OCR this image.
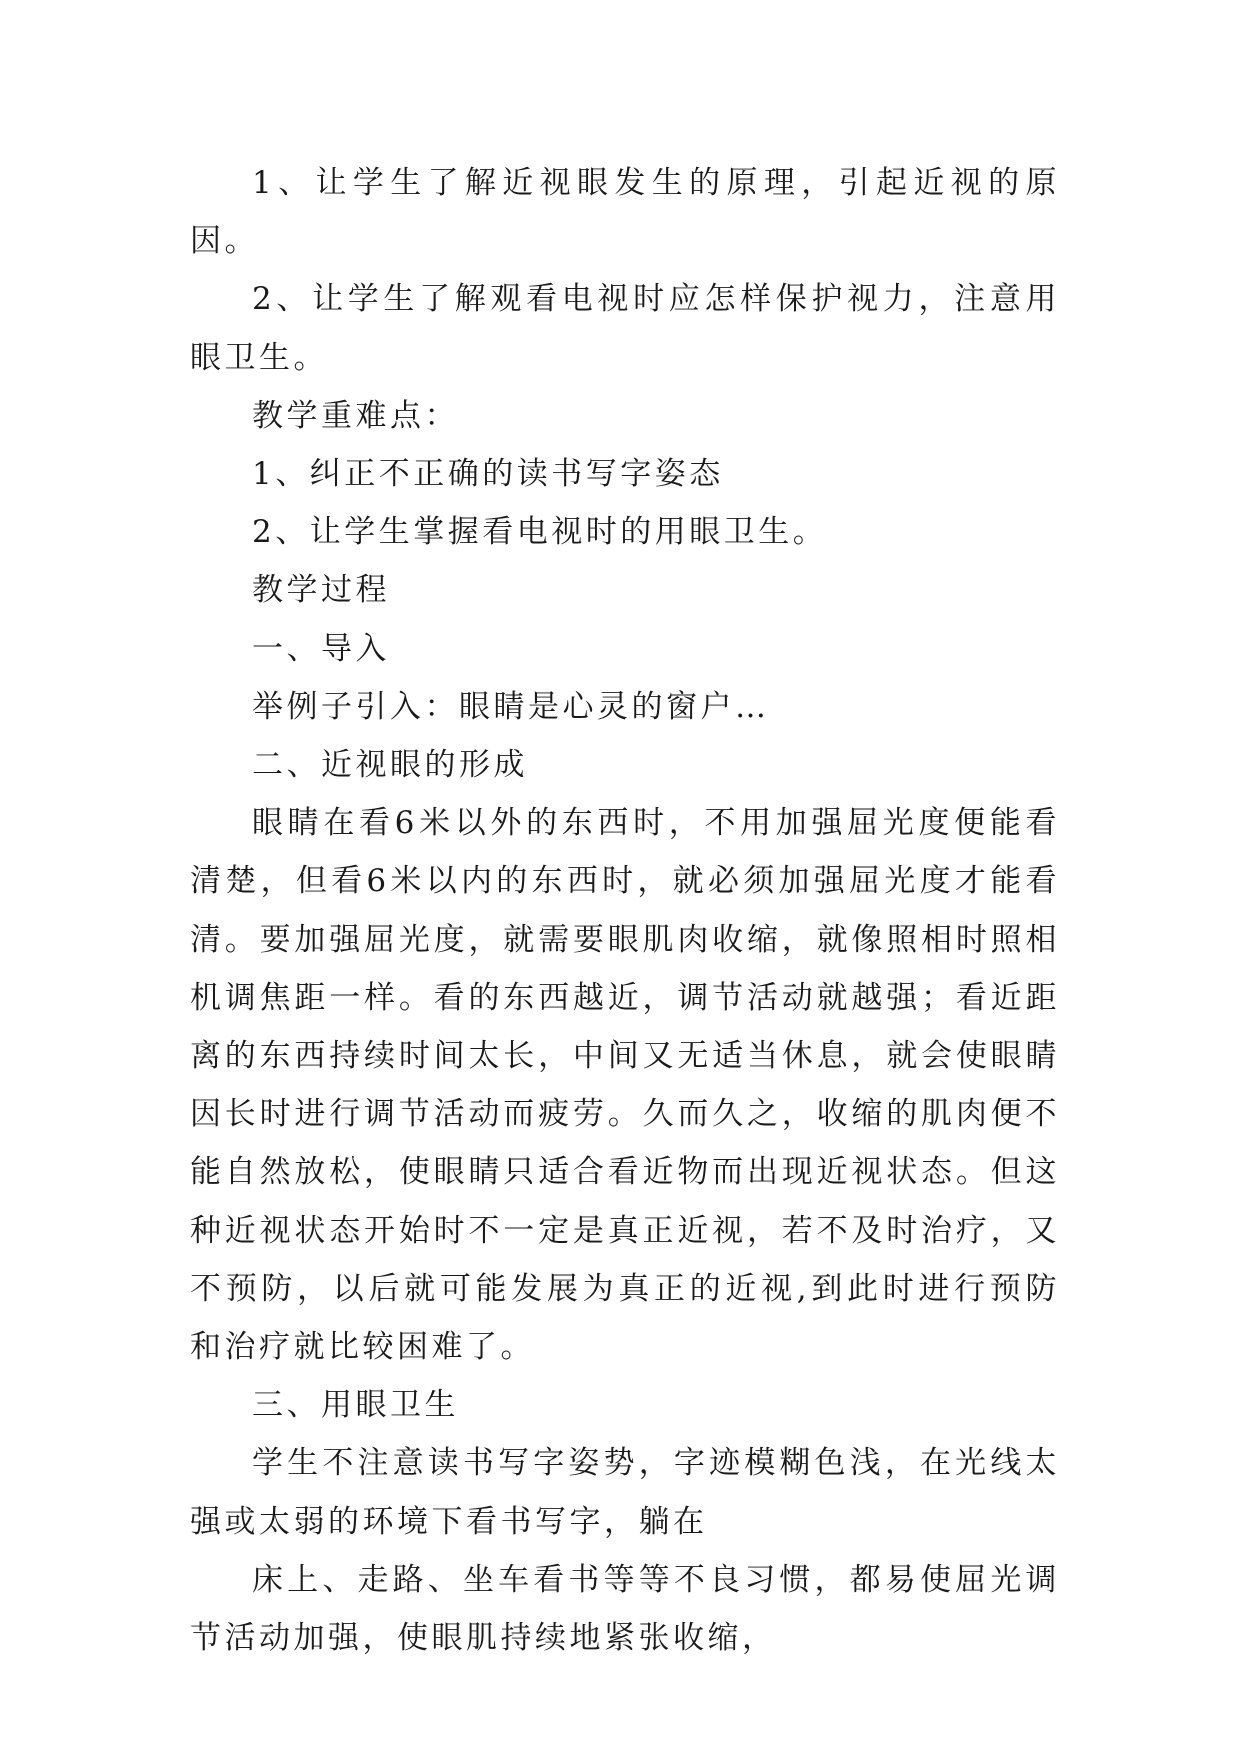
1、让学生了解近视眼发生的原理，引起近视的原因。

2、让学生了解观看电视时应怎样保护视力，注意用眼卫生。

教学重难点：

1、纠正不正确的读书写字姿态

2、让学生掌握看电视时的用眼卫生。

教学过程

一、导入

举例子引入：眼睛是心灵的窗户…

二、近视眼的形成

眼睛在看6米以外的东西时，不用加强屈光度便能看清楚，但看6米以内的东西时，就必须加强屈光度才能看清。要加强屈光度，就需要眼肌肉收缩，就像照相时照相机调焦距一样。看的东西越近，调节活动就越强；看近距离的东西持续时间太长，中间又无适当休息，就会使眼睛因长时进行调节活动而疲劳。久而久之，收缩的肌肉便不能自然放松，使眼睛只适合看近物而出现近视状态。但这种近视状态开始时不一定是真正近视，若不及时治疗，又不预防，以后就可能发展为真正的近视,到此时进行预防和治疗就比较困难了。

三、用眼卫生

学生不注意读书写字姿势，字迹模糊色浅，在光线太强或太弱的环境下看书写字，躺在

床上、走路、坐车看书等等不良习惯，都易使屈光调节活动加强，使眼肌持续地紧张收缩，
